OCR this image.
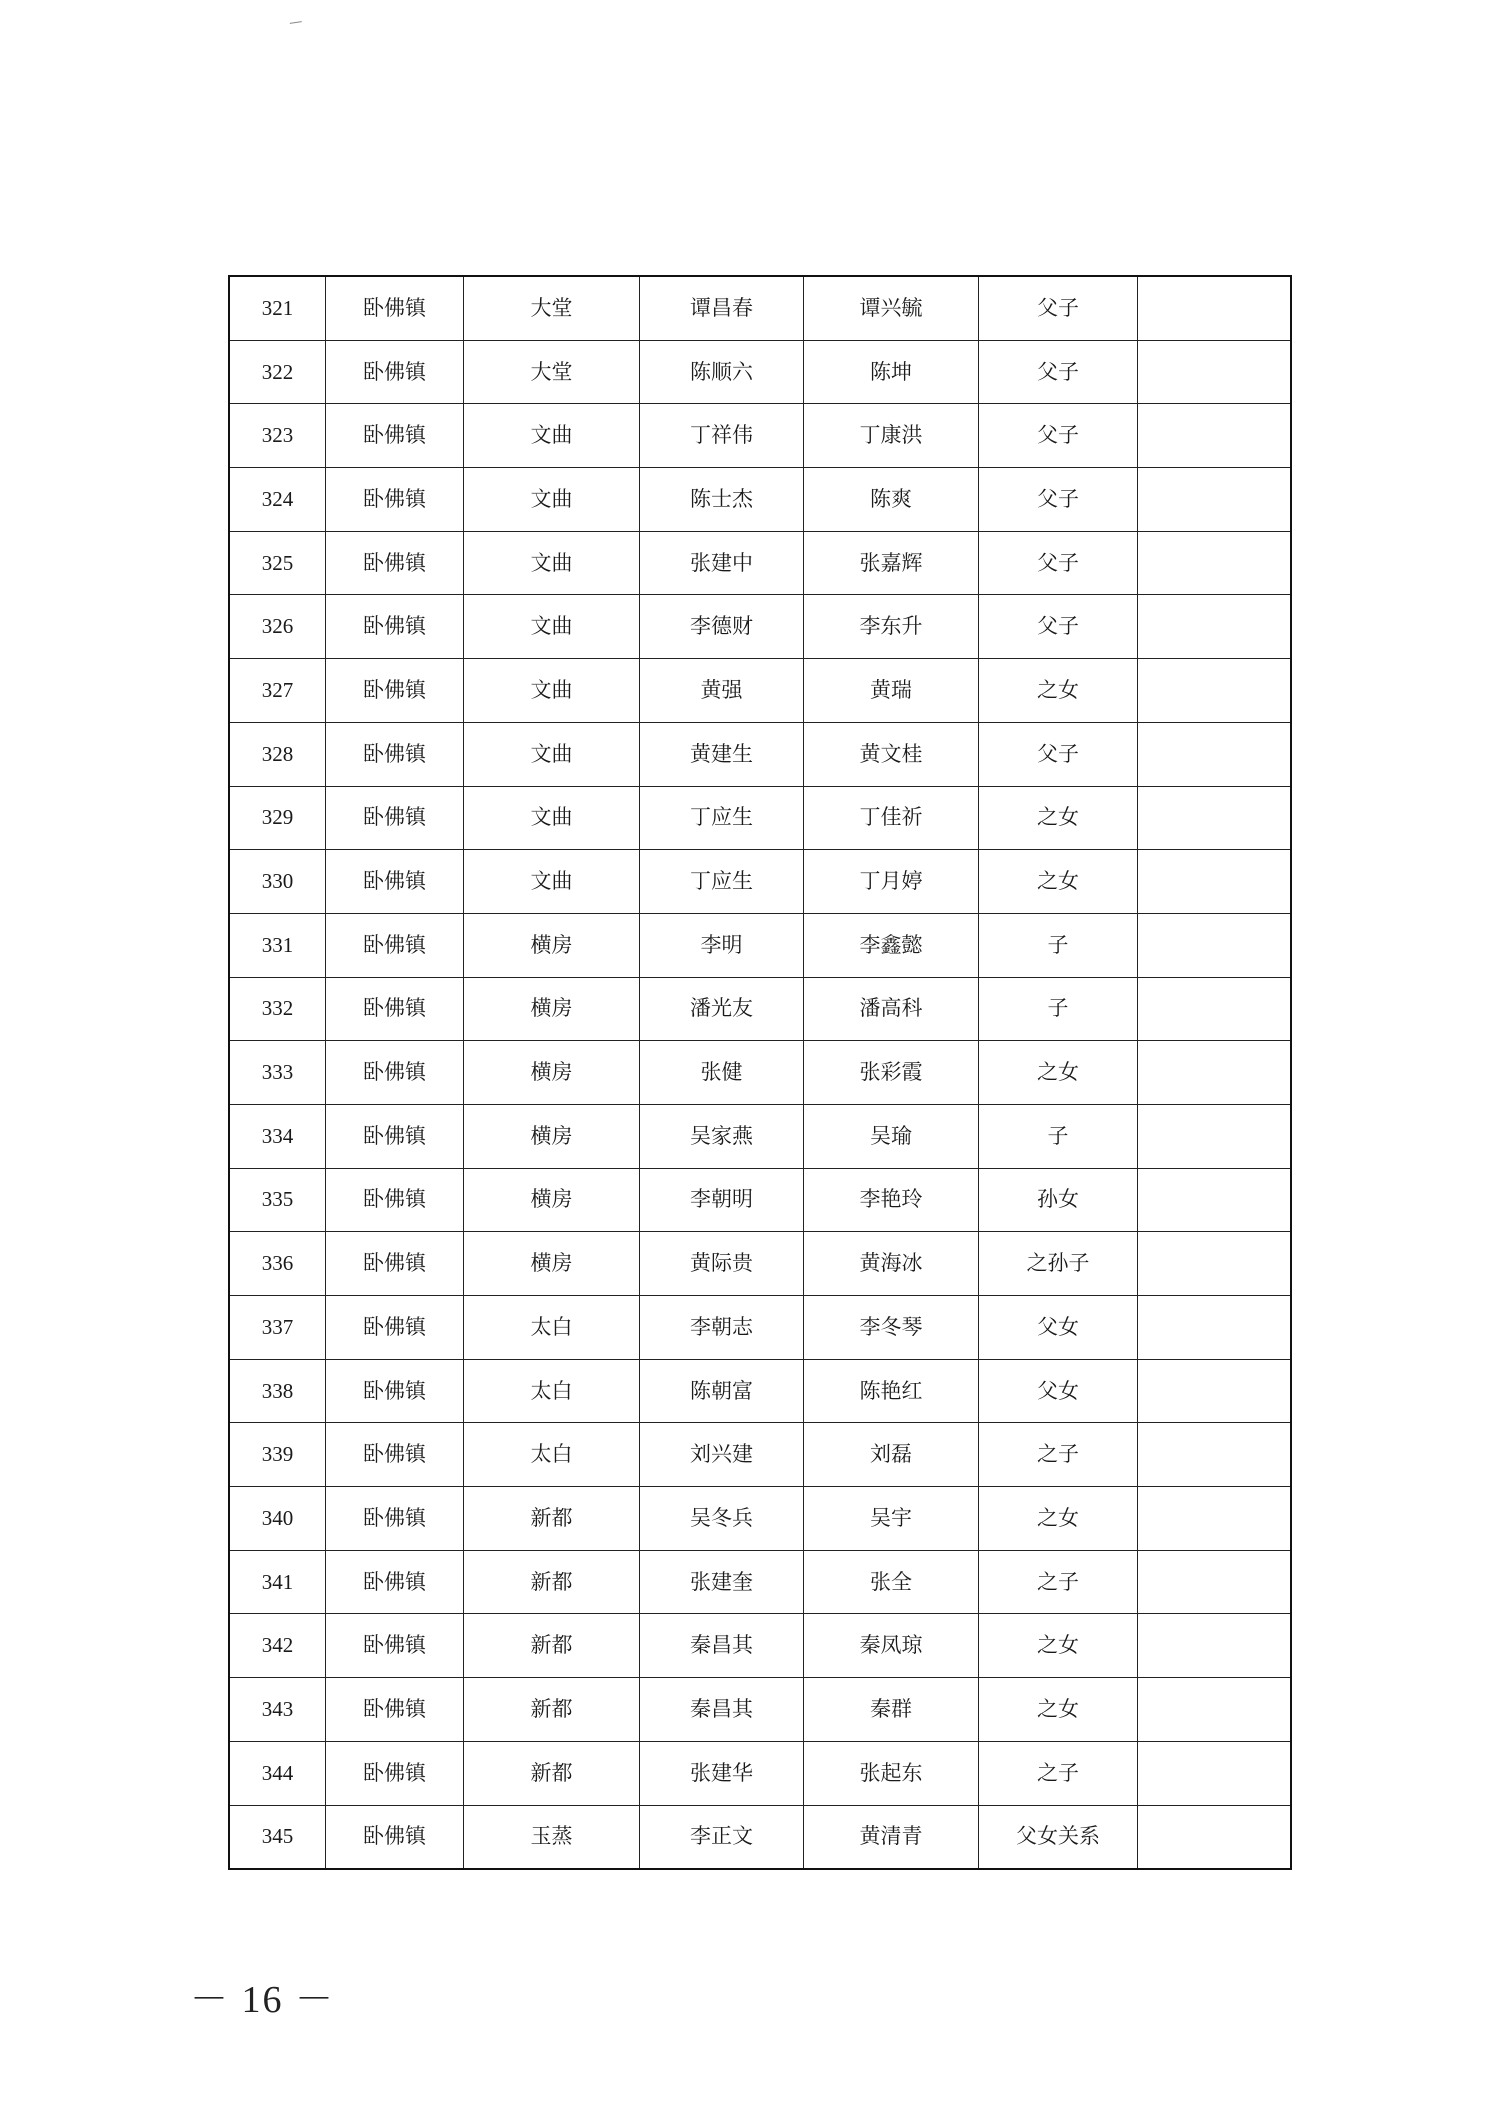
321	卧佛镇	大堂	谭昌春	谭兴毓	父子	
322	卧佛镇	大堂	陈顺六	陈坤	父子	
323	卧佛镇	文曲	丁祥伟	丁康洪	父子	
324	卧佛镇	文曲	陈士杰	陈爽	父子	
325	卧佛镇	文曲	张建中	张嘉辉	父子	
326	卧佛镇	文曲	李德财	李东升	父子	
327	卧佛镇	文曲	黄强	黄瑞	之女	
328	卧佛镇	文曲	黄建生	黄文桂	父子	
329	卧佛镇	文曲	丁应生	丁佳祈	之女	
330	卧佛镇	文曲	丁应生	丁月婷	之女	
331	卧佛镇	横房	李明	李鑫懿	子	
332	卧佛镇	横房	潘光友	潘高科	子	
333	卧佛镇	横房	张健	张彩霞	之女	
334	卧佛镇	横房	吴家燕	吴瑜	子	
335	卧佛镇	横房	李朝明	李艳玲	孙女	
336	卧佛镇	横房	黄际贵	黄海冰	之孙子	
337	卧佛镇	太白	李朝志	李冬琴	父女	
338	卧佛镇	太白	陈朝富	陈艳红	父女	
339	卧佛镇	太白	刘兴建	刘磊	之子	
340	卧佛镇	新都	吴冬兵	吴宇	之女	
341	卧佛镇	新都	张建奎	张全	之子	
342	卧佛镇	新都	秦昌其	秦凤琼	之女	
343	卧佛镇	新都	秦昌其	秦群	之女	
344	卧佛镇	新都	张建华	张起东	之子	
345	卧佛镇	玉蒸	李正文	黄清青	父女关系	
－ 16 －
